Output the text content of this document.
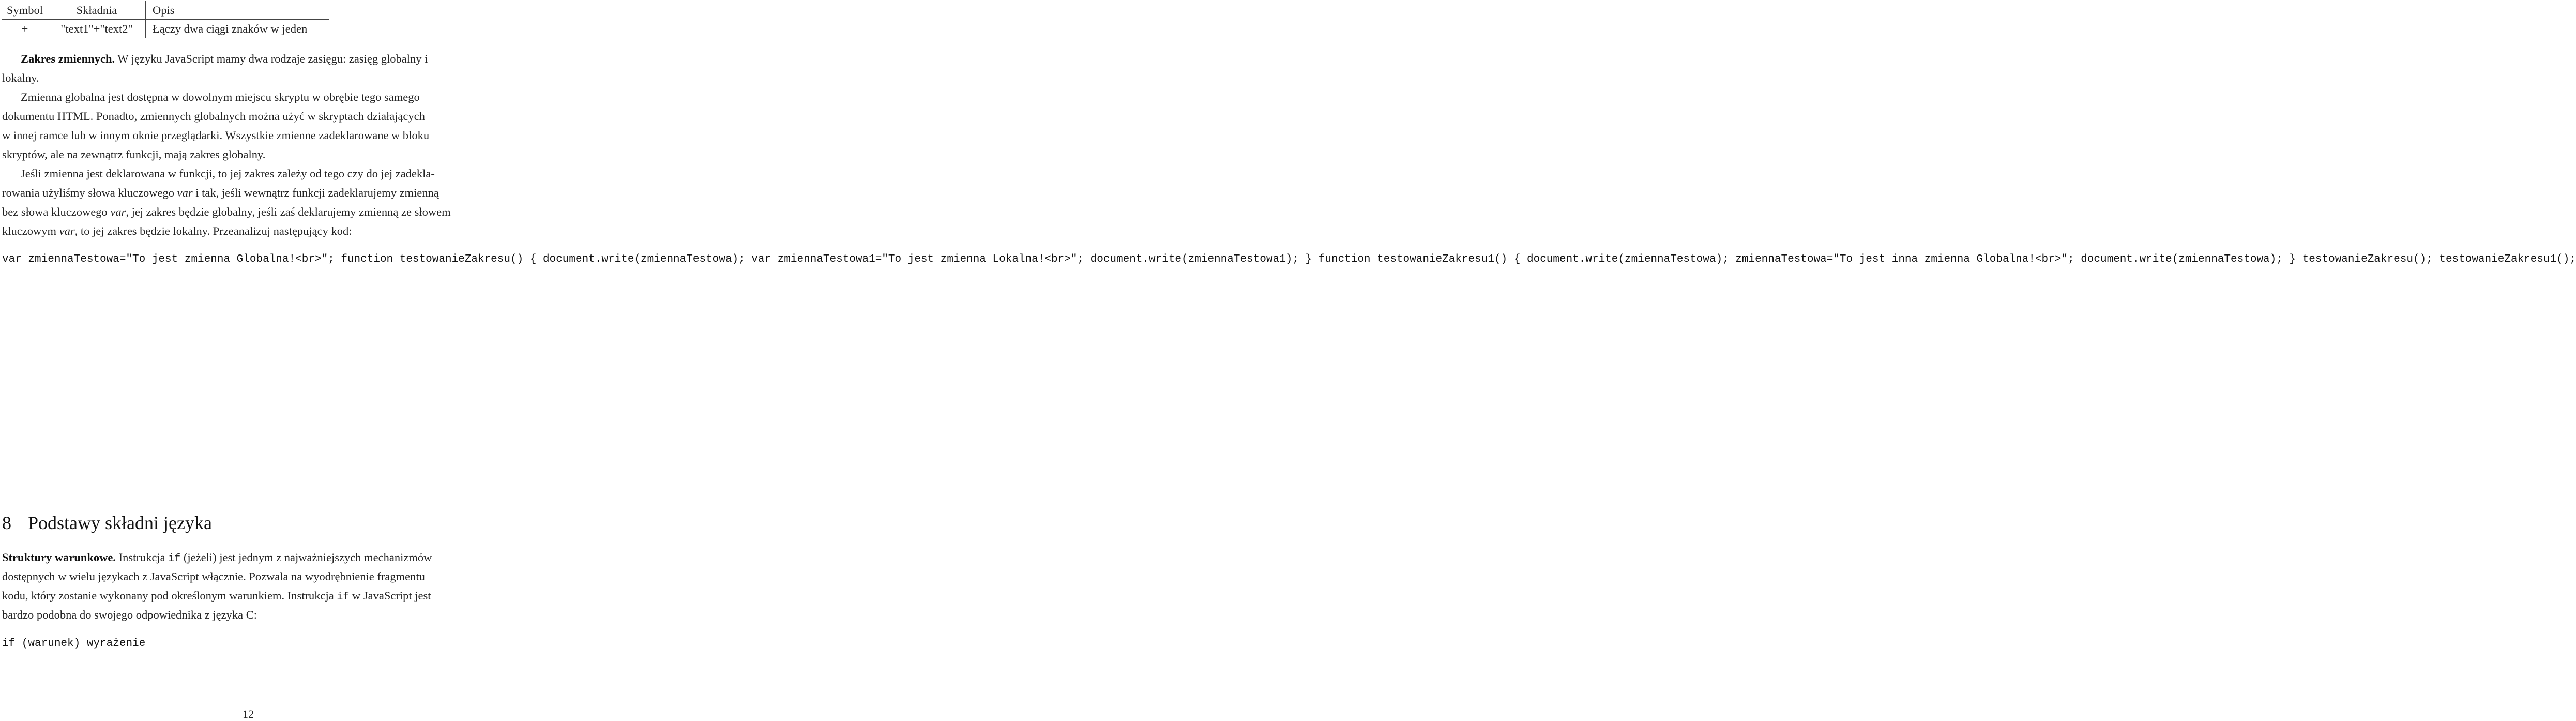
Symbol	Składnia	Opis
+	"text1"+"text2"	Łączy dwa ciągi znaków w jeden
Zakres zmiennych. W języku JavaScript mamy dwa rodzaje zasięgu: zasięg globalny i
lokalny.
Zmienna globalna jest dostępna w dowolnym miejscu skryptu w obrębie tego samego
dokumentu HTML. Ponadto, zmiennych globalnych można użyć w skryptach działających
w innej ramce lub w innym oknie przeglądarki. Wszystkie zmienne zadeklarowane w bloku
skryptów, ale na zewnątrz funkcji, mają zakres globalny.
Jeśli zmienna jest deklarowana w funkcji, to jej zakres zależy od tego czy do jej zadekla-
rowania użyliśmy słowa kluczowego var i tak, jeśli wewnątrz funkcji zadeklarujemy zmienną
bez słowa kluczowego var, jej zakres będzie globalny, jeśli zaś deklarujemy zmienną ze słowem
kluczowym var, to jej zakres będzie lokalny. Przeanalizuj następujący kod:
var zmiennaTestowa="To jest zmienna Globalna!<br>"; function testowanieZakresu() { document.write(zmiennaTestowa); var zmiennaTestowa1="To jest zmienna Lokalna!<br>"; document.write(zmiennaTestowa1); } function testowanieZakresu1() { document.write(zmiennaTestowa); zmiennaTestowa="To jest inna zmienna Globalna!<br>"; document.write(zmiennaTestowa); } testowanieZakresu(); testowanieZakresu1();
8 Podstawy składni języka
Struktury warunkowe. Instrukcja if (jeżeli) jest jednym z najważniejszych mechanizmów
dostępnych w wielu językach z JavaScript włącznie. Pozwala na wyodrębnienie fragmentu
kodu, który zostanie wykonany pod określonym warunkiem. Instrukcja if w JavaScript jest
bardzo podobna do swojego odpowiednika z języka C:
if (warunek) wyrażenie
12
